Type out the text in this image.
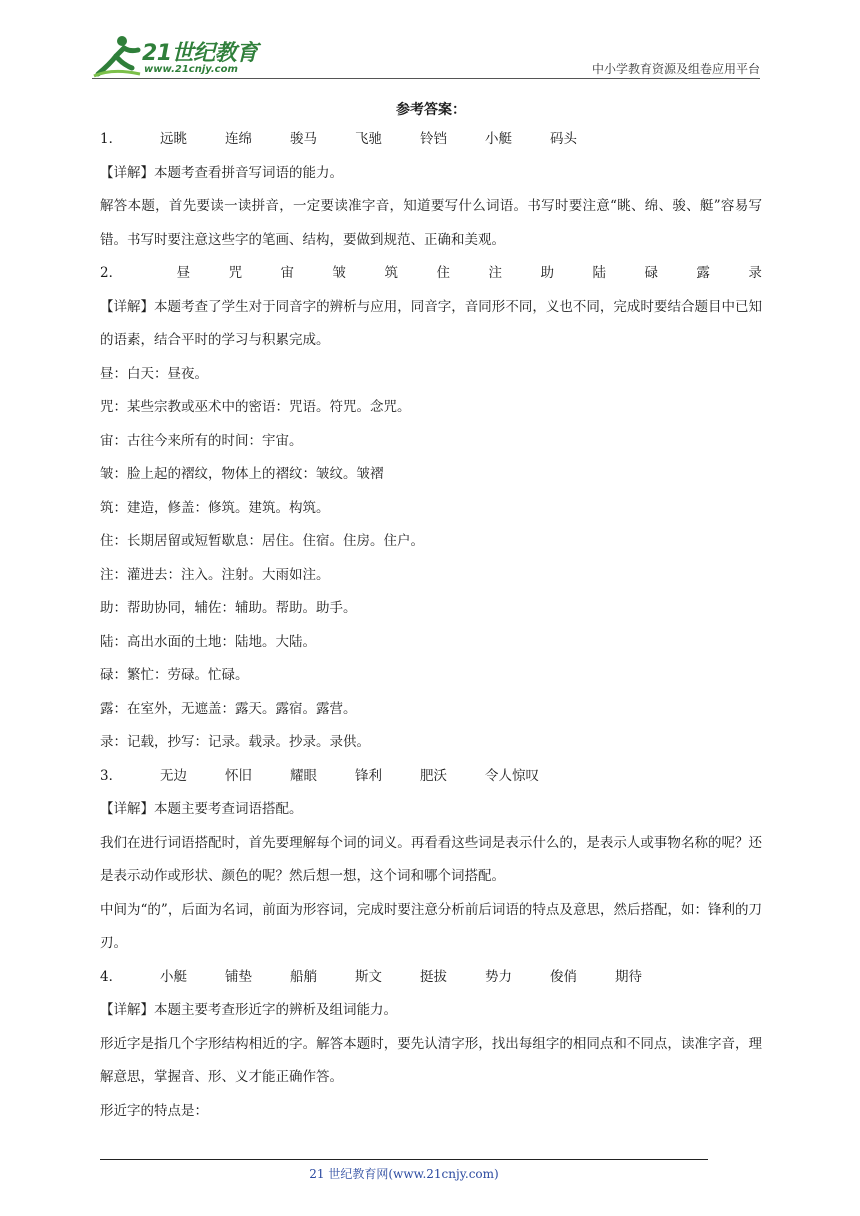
21世纪教育
www.21cnjy.com	中小学教育资源及组卷应用平台
参考答案：
1．	远眺	连绵	骏马	飞驰	铃铛	小艇	码头
【详解】本题考查看拼音写词语的能力。
解答本题，首先要读一读拼音，一定要读准字音，知道要写什么词语。书写时要注意“眺、绵、骏、艇”容易写错。书写时要注意这些字的笔画、结构，要做到规范、正确和美观。
2．	昼	咒	宙	皱	筑	住	注	助	陆	碌	露	录
【详解】本题考查了学生对于同音字的辨析与应用，同音字，音同形不同，义也不同，完成时要结合题目中已知的语素，结合平时的学习与积累完成。
昼：白天：昼夜。
咒：某些宗教或巫术中的密语：咒语。符咒。念咒。
宙：古往今来所有的时间：宇宙。
皱：脸上起的褶纹，物体上的褶纹：皱纹。皱褶
筑：建造，修盖：修筑。建筑。构筑。
住：长期居留或短暂歇息：居住。住宿。住房。住户。
注：灌进去：注入。注射。大雨如注。
助：帮助协同，辅佐：辅助。帮助。助手。
陆：高出水面的土地：陆地。大陆。
碌：繁忙：劳碌。忙碌。
露：在室外，无遮盖：露天。露宿。露营。
录：记载，抄写：记录。载录。抄录。录供。
3．	无边	怀旧	耀眼	锋利	肥沃	令人惊叹
【详解】本题主要考查词语搭配。
我们在进行词语搭配时，首先要理解每个词的词义。再看看这些词是表示什么的，是表示人或事物名称的呢？还是表示动作或形状、颜色的呢？然后想一想，这个词和哪个词搭配。
中间为“的”，后面为名词，前面为形容词，完成时要注意分析前后词语的特点及意思，然后搭配，如：锋利的刀刃。
4．	小艇	铺垫	船艄	斯文	挺拔	势力	俊俏	期待
【详解】本题主要考查形近字的辨析及组词能力。
形近字是指几个字形结构相近的字。解答本题时，要先认清字形，找出每组字的相同点和不同点，读准字音，理解意思，掌握音、形、义才能正确作答。
形近字的特点是：
21 世纪教育网(www.21cnjy.com)
